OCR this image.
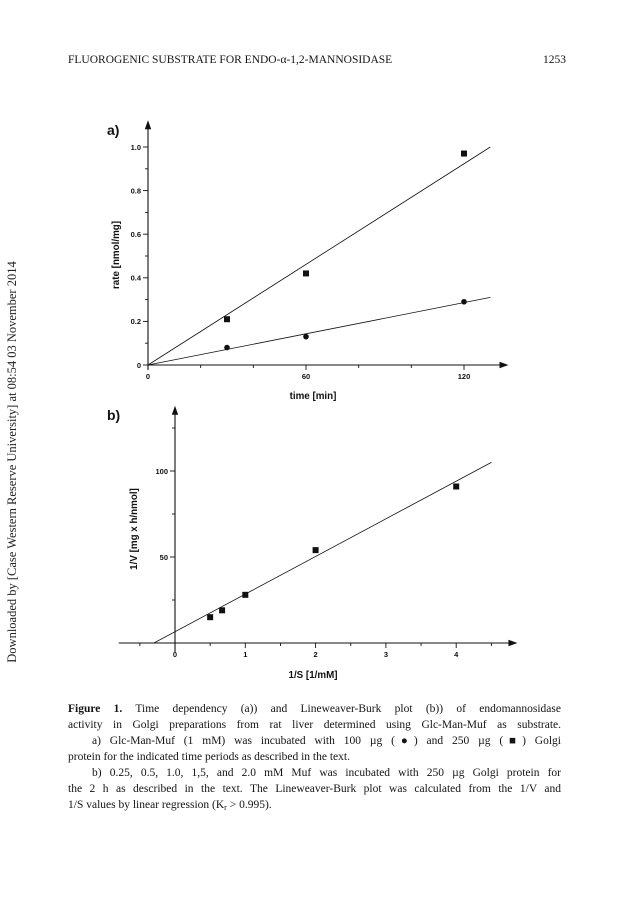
Downloaded by [Case Western Reserve University] at 08:54 03 November 2014
FLUOROGENIC SUBSTRATE FOR ENDO-α-1,2-MANNOSIDASE	1253
a)
rate [nmol/mg]
time [min]
0	60	120
0
0.2
0.4
0.6
0.8
1.0
b)
1/V [mg x h/nmol]
1/S [1/mM]
0	1	2	3	4
50
100
Figure 1. Time dependency (a)) and Lineweaver-Burk plot (b)) of endomannosidase
activity in Golgi preparations from rat liver determined using Glc-Man-Muf as substrate.
a) Glc-Man-Muf (1 mM) was incubated with 100 µg (●) and 250 µg (■) Golgi
protein for the indicated time periods as described in the text.
b) 0.25, 0.5, 1.0, 1,5, and 2.0 mM Muf was incubated with 250 µg Golgi protein for
the 2 h as described in the text. The Lineweaver-Burk plot was calculated from the 1/V and
1/S values by linear regression $(K_r > 0.995)$.
